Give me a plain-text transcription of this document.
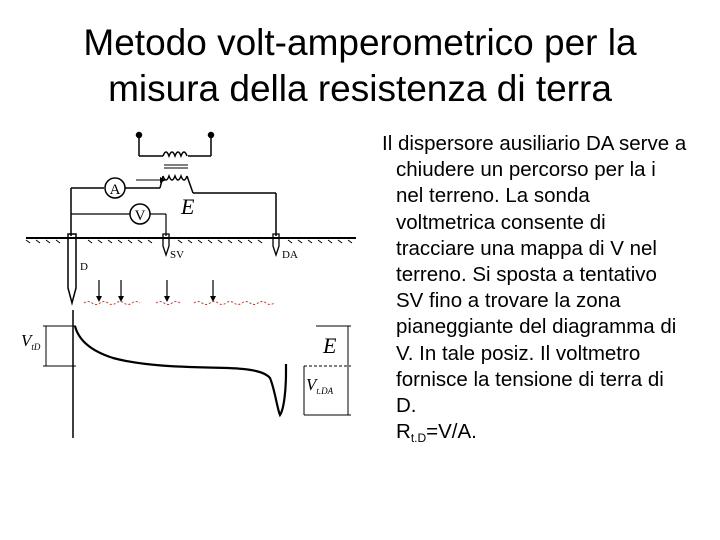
Metodo volt-amperometrico per la
misura della resistenza di terra
A
V E
D
SV	DA
$V_{tD}$	E
$V_{t.DA}$
Il dispersore ausiliario DA serve a chiudere un percorso per la i nel terreno. La sonda voltmetrica consente di tracciare una mappa di V nel terreno. Si sposta a tentativo SV fino a trovare la zona pianeggiante del diagramma di V. In tale posiz. Il voltmetro fornisce la tensione di terra di D.
Rt.D=V/A.
